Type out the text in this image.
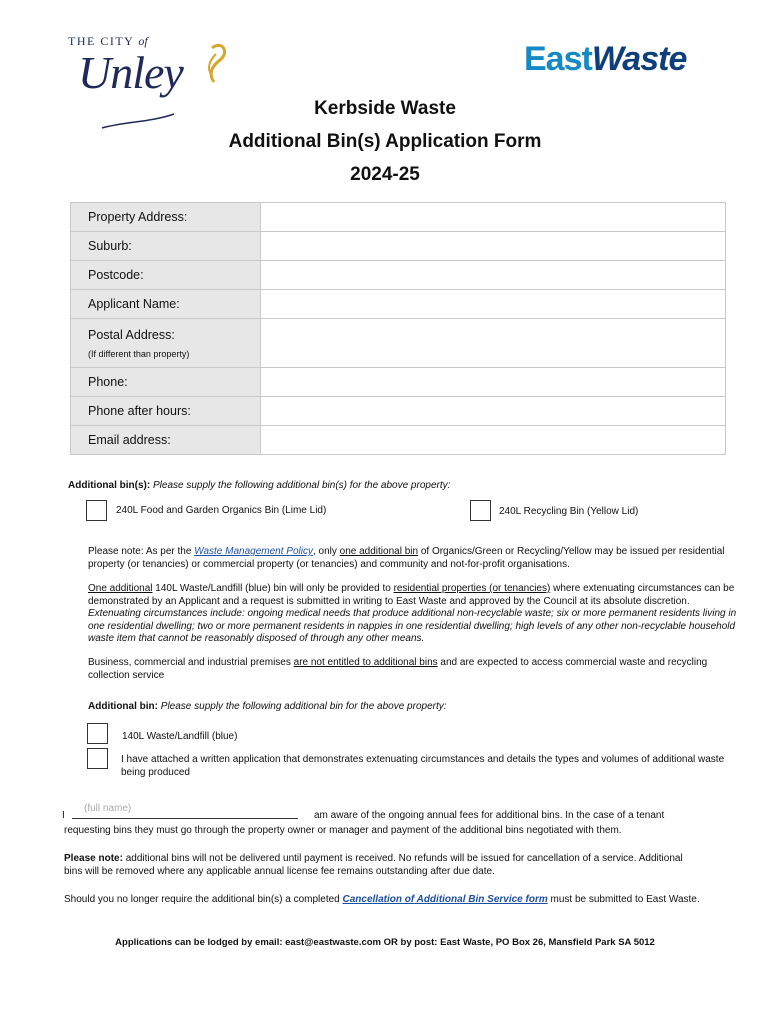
THE CITY of
Unley	EastWaste
Kerbside Waste
Additional Bin(s) Application Form
2024-25
Property Address:	
Suburb:	
Postcode:	
Applicant Name:	

Postal Address:
(If different than property)	

Phone:	
Phone after hours:	
Email address:	
Additional bin(s): Please supply the following additional bin(s) for the above property:
240L Food and Garden Organics Bin (Lime Lid)	240L Recycling Bin (Yellow Lid)
Please note: As per the Waste Management Policy, only one additional bin of Organics/Green or Recycling/Yellow may be issued per residential property (or tenancies) or commercial property (or tenancies) and community and not-for-profit organisations.
One additional 140L Waste/Landfill (blue) bin will only be provided to residential properties (or tenancies) where extenuating circumstances can be demonstrated by an Applicant and a request is submitted in writing to East Waste and approved by the Council at its absolute discretion. Extenuating circumstances include: ongoing medical needs that produce additional non-recyclable waste; six or more permanent residents living in one residential dwelling; two or more permanent residents in nappies in one residential dwelling; high levels of any other non-recyclable household waste item that cannot be reasonably disposed of through any other means.
Business, commercial and industrial premises are not entitled to additional bins and are expected to access commercial waste and recycling collection service
Additional bin: Please supply the following additional bin for the above property:
140L Waste/Landfill (blue)
I have attached a written application that demonstrates extenuating circumstances and details the types and volumes of additional waste being produced
I
(full name)	am aware of the ongoing annual fees for additional bins. In the case of a tenant
requesting bins they must go through the property owner or manager and payment of the additional bins negotiated with them.
Please note: additional bins will not be delivered until payment is received. No refunds will be issued for cancellation of a service. Additional bins will be removed where any applicable annual license fee remains outstanding after due date.
Should you no longer require the additional bin(s) a completed Cancellation of Additional Bin Service form must be submitted to East Waste.
Applications can be lodged by email: east@eastwaste.com OR by post: East Waste, PO Box 26, Mansfield Park SA 5012
